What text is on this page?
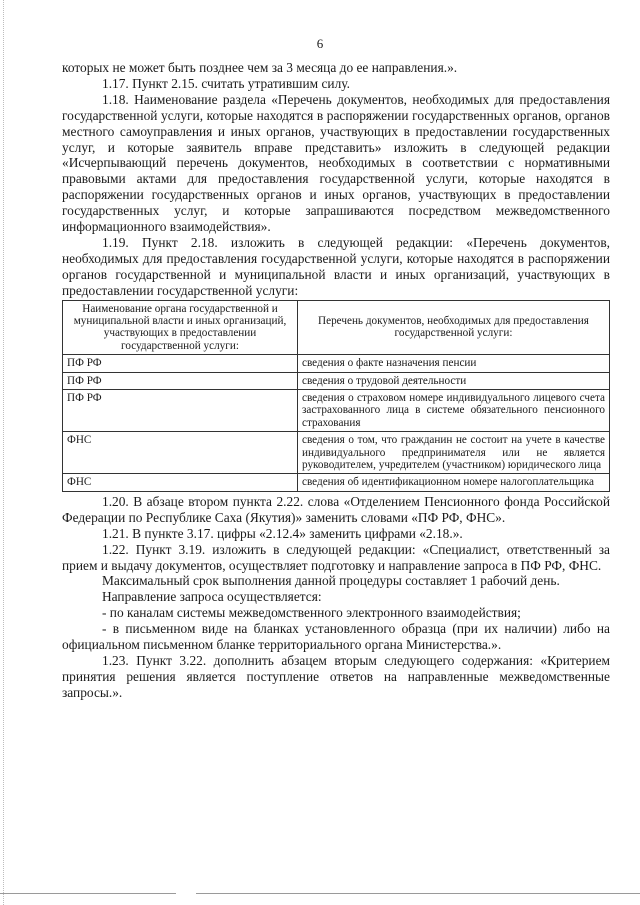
6

которых не может быть позднее чем за 3 месяца до ее направления.».

1.17. Пункт 2.15. считать утратившим силу.

1.18. Наименование раздела «Перечень документов, необходимых для предоставления государственной услуги, которые находятся в распоряжении государственных органов, органов местного самоуправления и иных органов, участвующих в предоставлении государственных услуг, и которые заявитель вправе представить» изложить в следующей редакции «Исчерпывающий перечень документов, необходимых в соответствии с нормативными правовыми актами для предоставления государственной услуги, которые находятся в распоряжении государственных органов и иных органов, участвующих в предоставлении государственных услуг, и которые запрашиваются посредством межведомственного информационного взаимодействия».

1.19. Пункт 2.18. изложить в следующей редакции: «Перечень документов, необходимых для предоставления государственной услуги, которые находятся в распоряжении органов государственной и муниципальной власти и иных организаций, участвующих в предоставлении государственной услуги:

Наименование органа государственной и муниципальной власти и иных организаций, участвующих в предоставлении государственной услуги:	Перечень документов, необходимых для предоставления государственной услуги:
ПФ РФ	сведения о факте назначения пенсии
ПФ РФ	сведения о трудовой деятельности
ПФ РФ	сведения о страховом номере индивидуального лицевого счета застрахованного лица в системе обязательного пенсионного страхования
ФНС	сведения о том, что гражданин не состоит на учете в качестве индивидуального предпринимателя или не является руководителем, учредителем (участником) юридического лица
ФНС	сведения об идентификационном номере налогоплательщика

1.20. В абзаце втором пункта 2.22. слова «Отделением Пенсионного фонда Российской Федерации по Республике Саха (Якутия)» заменить словами «ПФ РФ, ФНС».

1.21. В пункте 3.17. цифры «2.12.4» заменить цифрами «2.18.».

1.22. Пункт 3.19. изложить в следующей редакции: «Специалист, ответственный за прием и выдачу документов, осуществляет подготовку и направление запроса в ПФ РФ, ФНС.

Максимальный срок выполнения данной процедуры составляет 1 рабочий день.

Направление запроса осуществляется:

- по каналам системы межведомственного электронного взаимодействия;

- в письменном виде на бланках установленного образца (при их наличии) либо на официальном письменном бланке территориального органа Министерства.».

1.23. Пункт 3.22. дополнить абзацем вторым следующего содержания: «Критерием принятия решения является поступление ответов на направленные межведомственные запросы.».
